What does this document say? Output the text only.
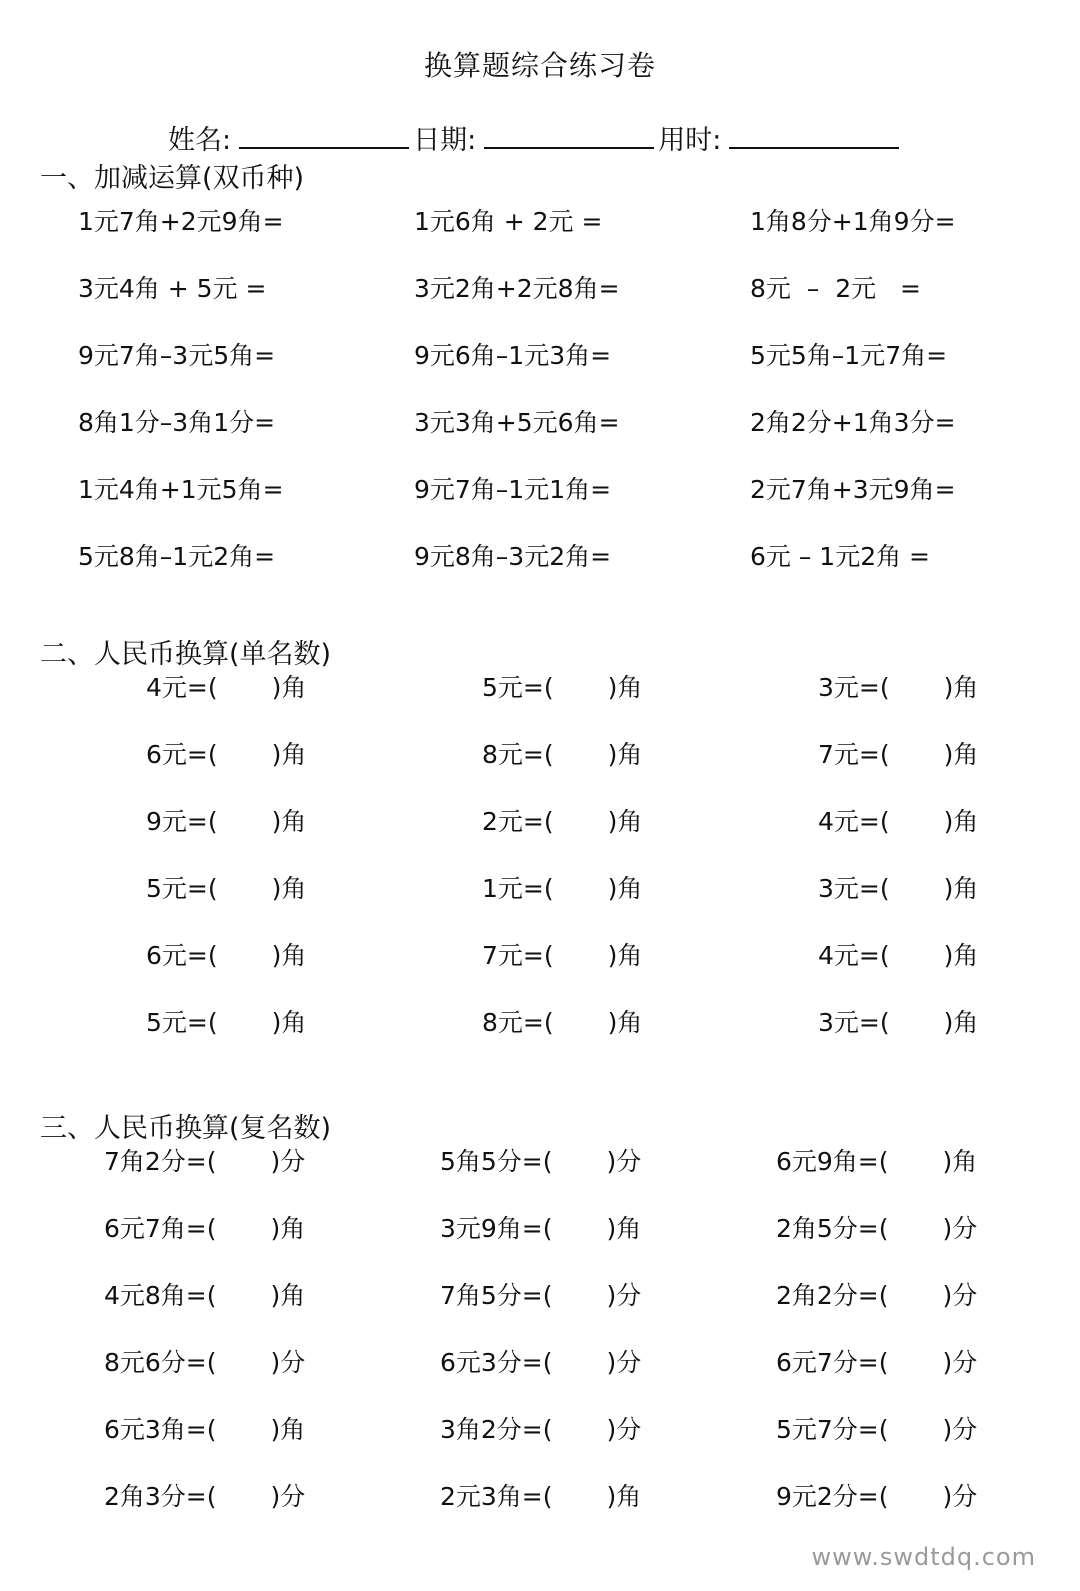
换算题综合练习卷
姓名:	日期:	用时:
一、加减运算(双币种)
1元7角+2元9角=	1元6角 + 2元 =	1角8分+1角9分=
3元4角 + 5元 =	3元2角+2元8角=	8元  –  2元   =
9元7角–3元5角=	9元6角–1元3角=	5元5角–1元7角=
8角1分–3角1分=	3元3角+5元6角=	2角2分+1角3分=
1元4角+1元5角=	9元7角–1元1角=	2元7角+3元9角=
5元8角–1元2角=	9元8角–3元2角=	6元 – 1元2角 =
二、人民币换算(单名数)
4元=( )角	5元=( )角	3元=( )角
6元=( )角	8元=( )角	7元=( )角
9元=( )角	2元=( )角	4元=( )角
5元=( )角	1元=( )角	3元=( )角
6元=( )角	7元=( )角	4元=( )角
5元=( )角	8元=( )角	3元=( )角
三、人民币换算(复名数)
7角2分=( )分	5角5分=( )分	6元9角=( )角
6元7角=( )角	3元9角=( )角	2角5分=( )分
4元8角=( )角	7角5分=( )分	2角2分=( )分
8元6分=( )分	6元3分=( )分	6元7分=( )分
6元3角=( )角	3角2分=( )分	5元7分=( )分
2角3分=( )分	2元3角=( )角	9元2分=( )分
www.swdtdq.com
